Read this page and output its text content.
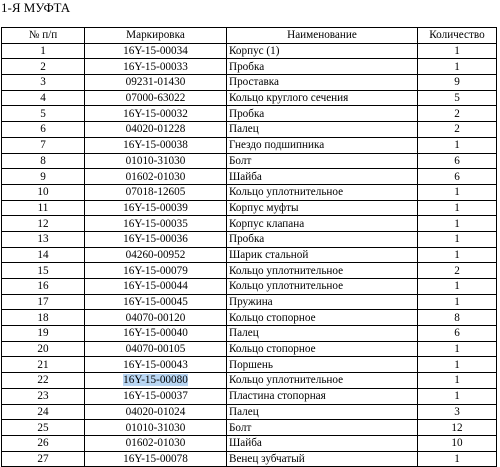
1-Я МУФТА
№ п/п	Маркировка	Наименование	Количество
1	16Y-15-00034	Корпус (1)	1
2	16Y-15-00033	Пробка	1
3	09231-01430	Проставка	9
4	07000-63022	Кольцо круглого сечения	5
5	16Y-15-00032	Пробка	2
6	04020-01228	Палец	2
7	16Y-15-00038	Гнездо подшипника	1
8	01010-31030	Болт	6
9	01602-01030	Шайба	6
10	07018-12605	Кольцо уплотнительное	1
11	16Y-15-00039	Корпус муфты	1
12	16Y-15-00035	Корпус клапана	1
13	16Y-15-00036	Пробка	1
14	04260-00952	Шарик стальной	1
15	16Y-15-00079	Кольцо уплотнительное	2
16	16Y-15-00044	Кольцо уплотнительное	1
17	16Y-15-00045	Пружина	1
18	04070-00120	Кольцо стопорное	8
19	16Y-15-00040	Палец	6
20	04070-00105	Кольцо стопорное	1
21	16Y-15-00043	Поршень	1
22	16Y-15-00080	Кольцо уплотнительное	1
23	16Y-15-00037	Пластина стопорная	1
24	04020-01024	Палец	3
25	01010-31030	Болт	12
26	01602-01030	Шайба	10
27	16Y-15-00078	Венец зубчатый	1
